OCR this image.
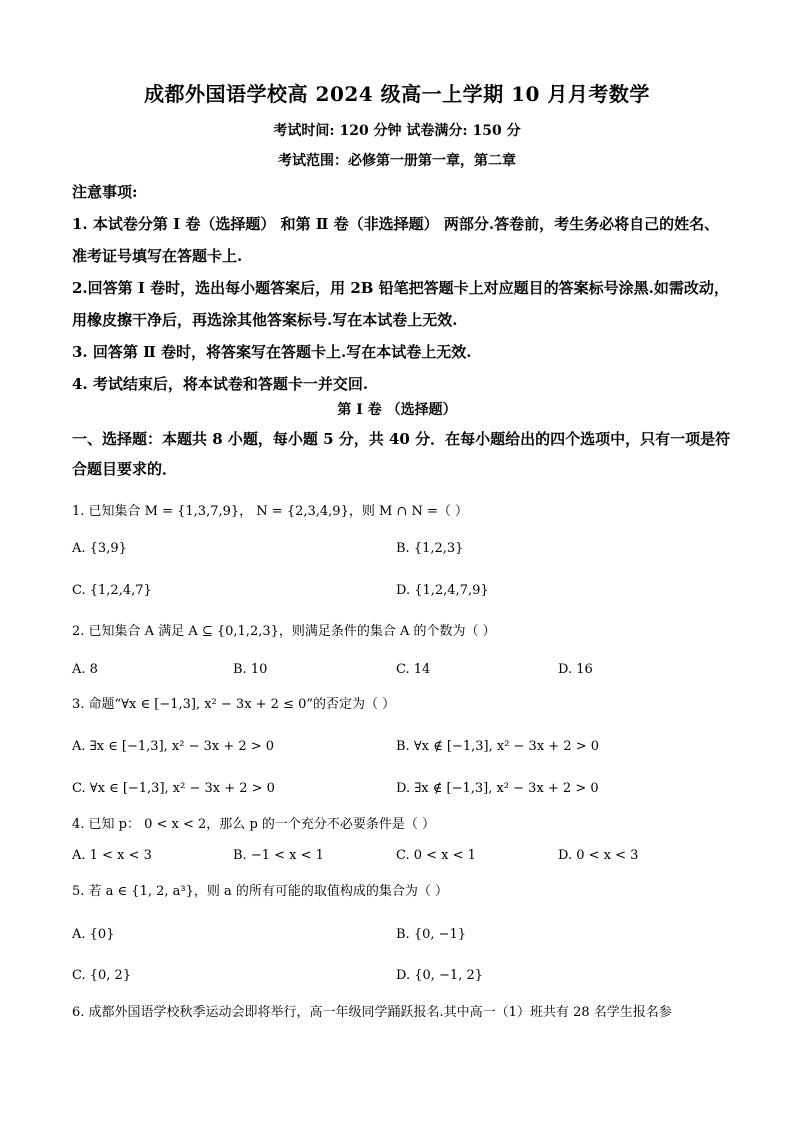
成都外国语学校高 2024 级高一上学期 10 月月考数学
考试时间: 120 分钟 试卷满分: 150 分
考试范围：必修第一册第一章，第二章

注意事项:

1. 本试卷分第 Ⅰ 卷（选择题） 和第 Ⅱ 卷（非选择题） 两部分.答卷前，考生务必将自己的姓名、准考证号填写在答题卡上.

2.回答第 Ⅰ 卷时，选出每小题答案后，用 2B 铅笔把答题卡上对应题目的答案标号涂黑.如需改动，用橡皮擦干净后，再选涂其他答案标号.写在本试卷上无效.

3. 回答第 Ⅱ 卷时，将答案写在答题卡上.写在本试卷上无效.

4. 考试结束后，将本试卷和答题卡一并交回.

第 Ⅰ 卷 （选择题）
一、选择题：本题共 8 小题，每小题 5 分，共 40 分．在每小题给出的四个选项中，只有一项是符合题目要求的．
1. 已知集合 M = {1,3,7,9}， N = {2,3,4,9}，则 M ∩ N =（ ）
A. {3,9}	B. {1,2,3}
C. {1,2,4,7}	D. {1,2,4,7,9}
2. 已知集合 A 满足 A ⊆ {0,1,2,3}，则满足条件的集合 A 的个数为（ ）
A. 8	B. 10	C. 14	D. 16
3. 命题“∀x ∈ [−1,3], x² − 3x + 2 ≤ 0”的否定为（ ）
A. ∃x ∈ [−1,3], x² − 3x + 2 > 0	B. ∀x ∉ [−1,3], x² − 3x + 2 > 0
C. ∀x ∈ [−1,3], x² − 3x + 2 > 0	D. ∃x ∉ [−1,3], x² − 3x + 2 > 0
4. 已知 p： 0 < x < 2，那么 p 的一个充分不必要条件是（ ）
A. 1 < x < 3	B. −1 < x < 1	C. 0 < x < 1	D. 0 < x < 3
5. 若 a ∈ {1, 2, a³}，则 a 的所有可能的取值构成的集合为（ ）
A. {0}	B. {0, −1}
C. {0, 2}	D. {0, −1, 2}
6. 成都外国语学校秋季运动会即将举行，高一年级同学踊跃报名.其中高一（1）班共有 28 名学生报名参
